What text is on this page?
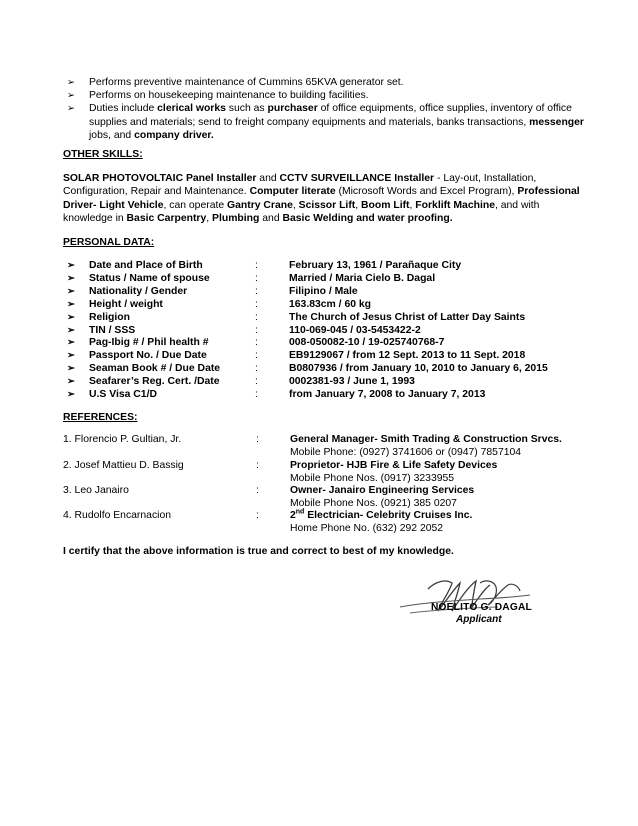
➢ Performs preventive maintenance of Cummins 65KVA generator set.
➢ Performs on housekeeping maintenance to building facilities.
➢ Duties include clerical works such as purchaser of office equipments, office supplies, inventory of office supplies and materials; send to freight company equipments and materials, banks transactions, messenger jobs, and company driver.
OTHER SKILLS:
SOLAR PHOTOVOLTAIC Panel Installer and CCTV SURVEILLANCE Installer - Lay-out, Installation, Configuration, Repair and Maintenance. Computer literate (Microsoft Words and Excel Program), Professional Driver- Light Vehicle, can operate Gantry Crane, Scissor Lift, Boom Lift, Forklift Machine, and with knowledge in Basic Carpentry, Plumbing and Basic Welding and water proofing.
PERSONAL DATA:
➢ Date and Place of Birth	:	February 13, 1961 / Parañaque City
➢ Status / Name of spouse	:	Married / Maria Cielo B. Dagal
➢ Nationality / Gender	:	Filipino / Male
➢ Height / weight	:	163.83cm / 60 kg
➢ Religion	:	The Church of Jesus Christ of Latter Day Saints
➢ TIN / SSS	:	110-069-045 / 03-5453422-2
➢ Pag-Ibig # / Phil health #	:	008-050082-10 / 19-025740768-7
➢ Passport No. / Due Date	:	EB9129067 / from 12 Sept. 2013 to 11 Sept. 2018
➢ Seaman Book # / Due Date	:	B0807936 / from January 10, 2010 to January 6, 2015
➢ Seafarer’s Reg. Cert. /Date	:	0002381-93 / June 1, 1993
➢ U.S Visa C1/D	:	from January 7, 2008 to January 7, 2013
REFERENCES:
1. Florencio P. Gultian, Jr.	:	General Manager- Smith Trading & Construction Srvcs.
Mobile Phone: (0927) 3741606 or (0947) 7857104
2. Josef Mattieu D. Bassig	:	Proprietor- HJB Fire & Life Safety Devices
Mobile Phone Nos. (0917) 3233955
3. Leo Janairo	:	Owner- Janairo Engineering Services
Mobile Phone Nos. (0921) 385 0207
4. Rudolfo Encarnacion	:	2nd Electrician- Celebrity Cruises Inc.
Home Phone No. (632) 292 2052
I certify that the above information is true and correct to best of my knowledge.
NOELITO G. DAGAL
Applicant
